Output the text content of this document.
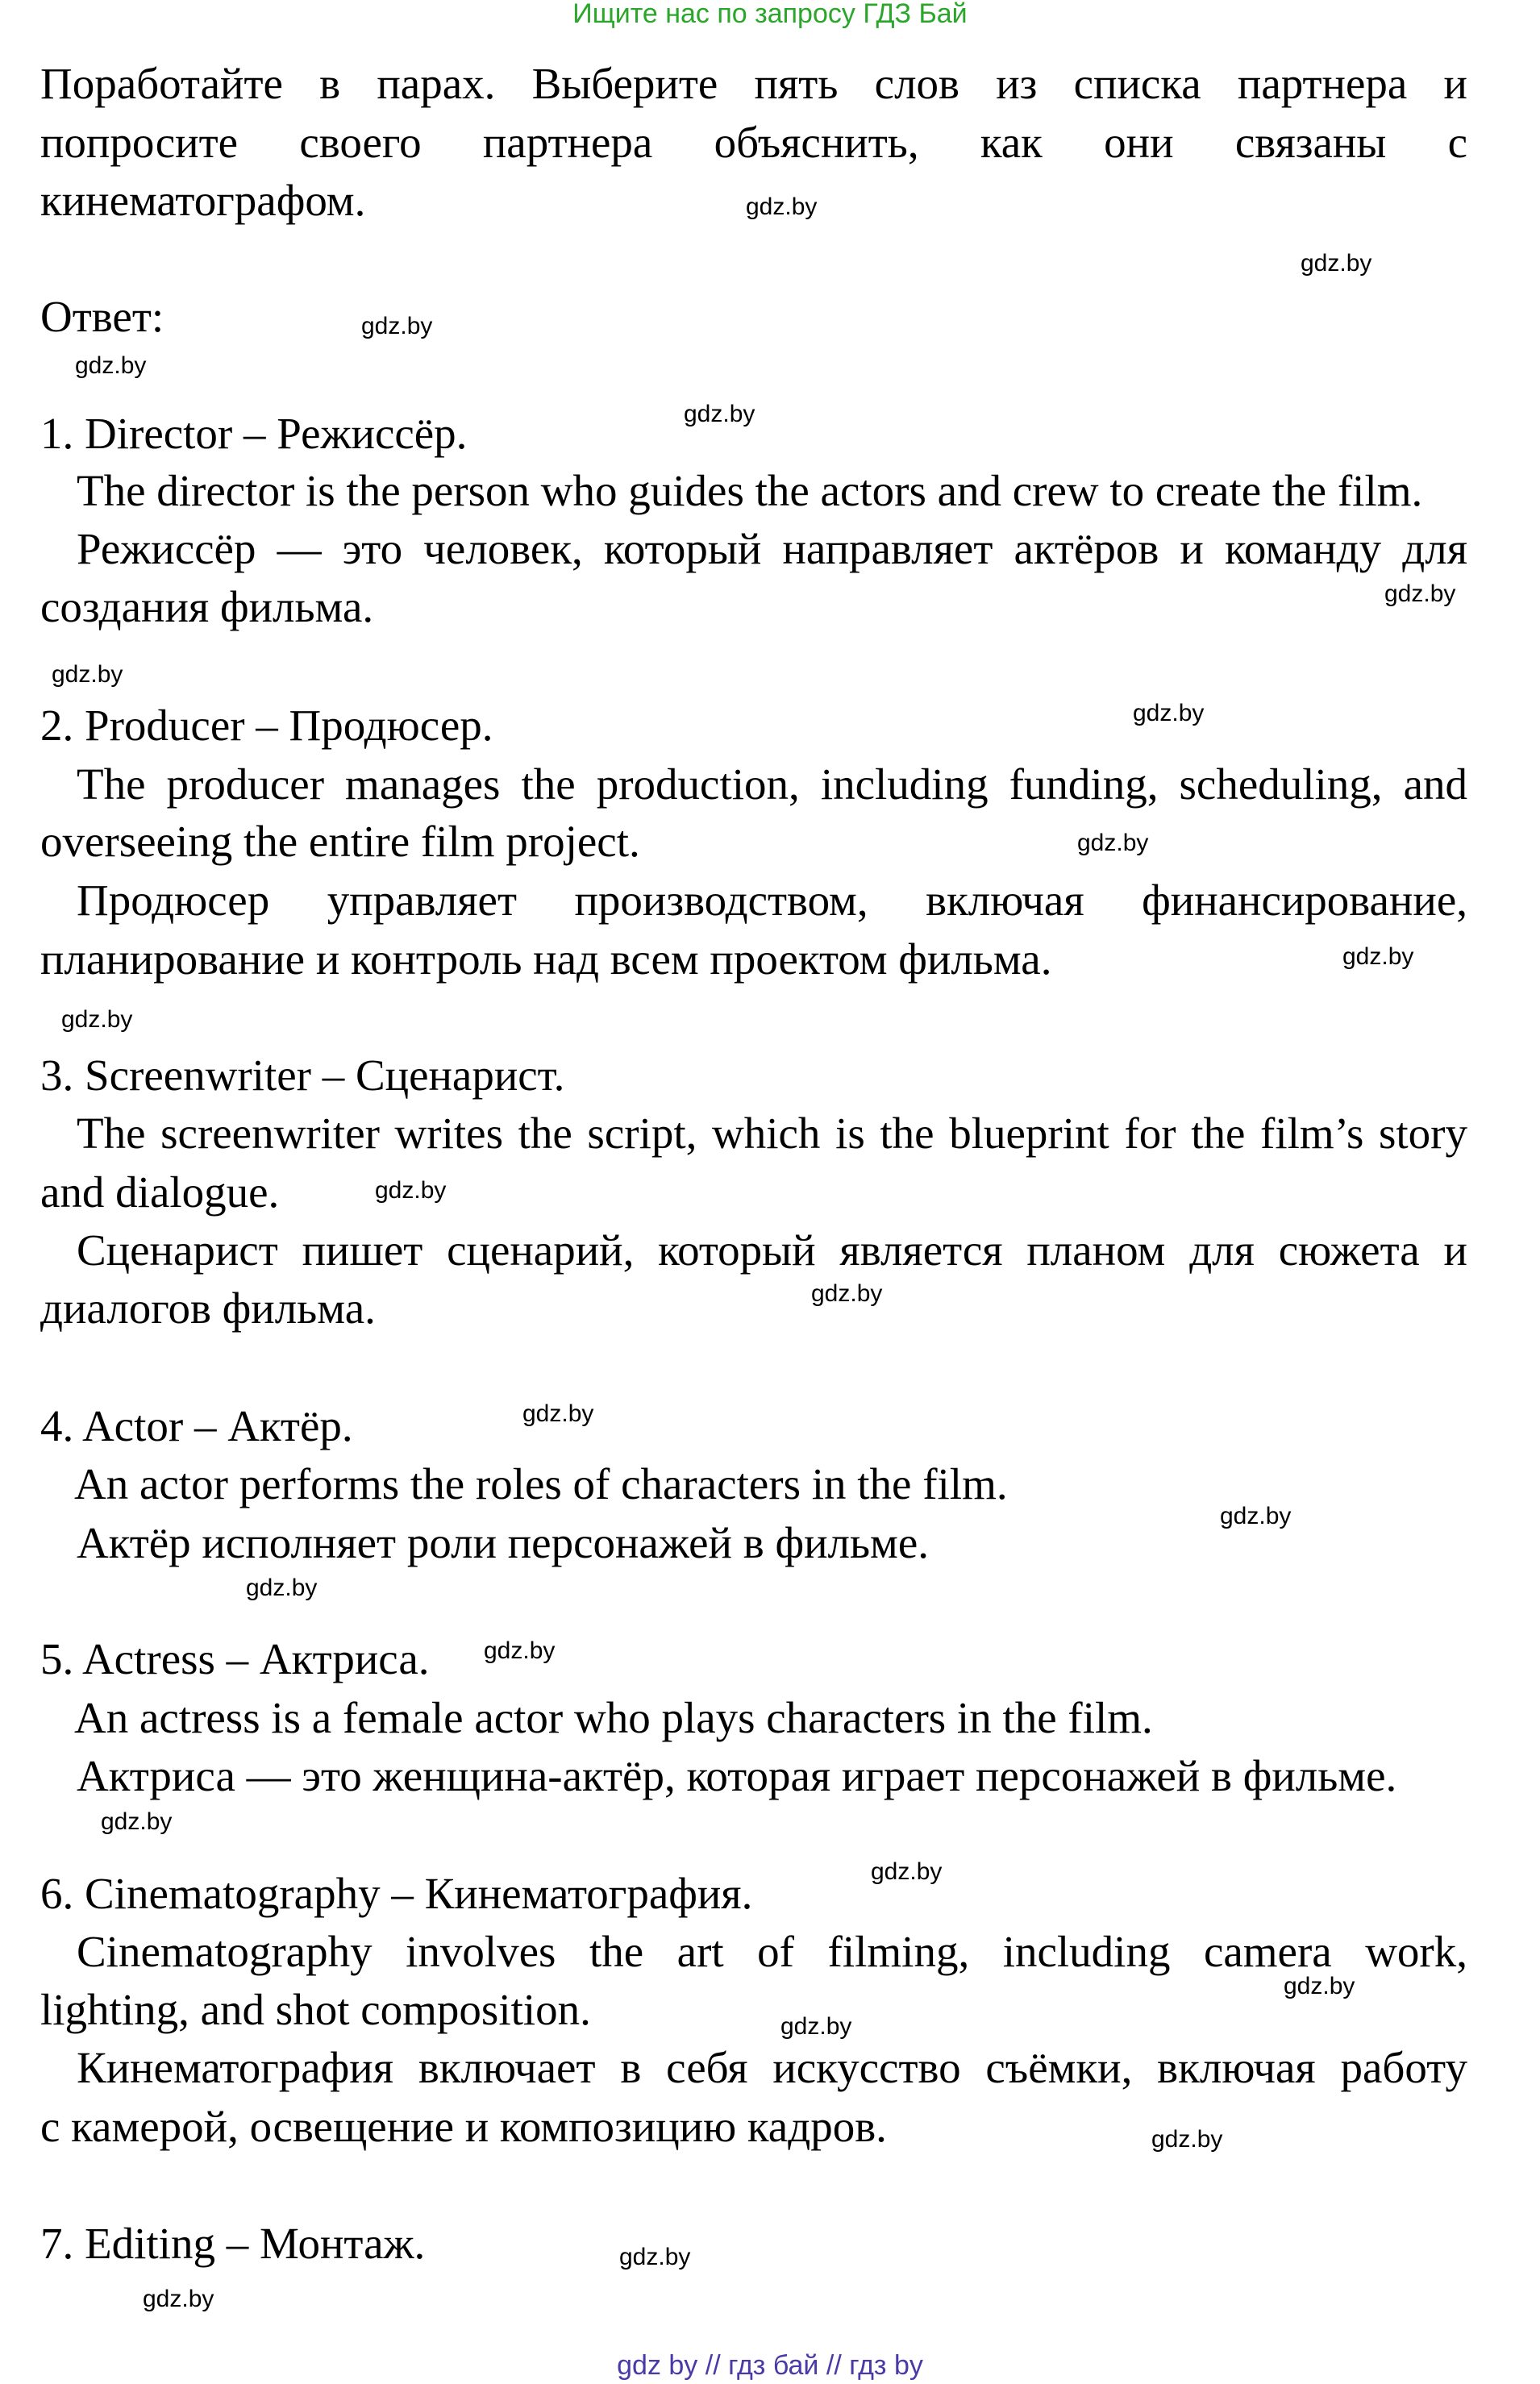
Ищите нас по запросу ГДЗ Бай
Поработайте в парах. Выберите пять слов из списка партнера и
попросите своего партнера объяснить, как они связаны с
кинематографом.
Ответ:
1. Director – Режиссёр.
The director is the person who guides the actors and crew to create the film.
Режиссёр — это человек, который направляет актёров и команду для
создания фильма.
2. Producer – Продюсер.
The producer manages the production, including funding, scheduling, and
overseeing the entire film project.
Продюсер управляет производством, включая финансирование,
планирование и контроль над всем проектом фильма.
3. Screenwriter – Сценарист.
The screenwriter writes the script, which is the blueprint for the film’s story
and dialogue.
Сценарист пишет сценарий, который является планом для сюжета и
диалогов фильма.
4. Actor – Актёр.
An actor performs the roles of characters in the film.
Актёр исполняет роли персонажей в фильме.
5. Actress – Актриса.
An actress is a female actor who plays characters in the film.
Актриса — это женщина-актёр, которая играет персонажей в фильме.
6. Cinematography – Кинематография.
Cinematography involves the art of filming, including camera work,
lighting, and shot composition.
Кинематография включает в себя искусство съёмки, включая работу
с камерой, освещение и композицию кадров.
7. Editing – Монтаж.
gdz.by
gdz.by
gdz.by
gdz.by
gdz.by
gdz.by
gdz.by
gdz.by
gdz.by
gdz.by
gdz.by
gdz.by
gdz.by
gdz.by
gdz.by
gdz.by
gdz.by
gdz.by
gdz.by
gdz.by
gdz.by
gdz.by
gdz.by
gdz.by
gdz by // гдз бай // гдз by
